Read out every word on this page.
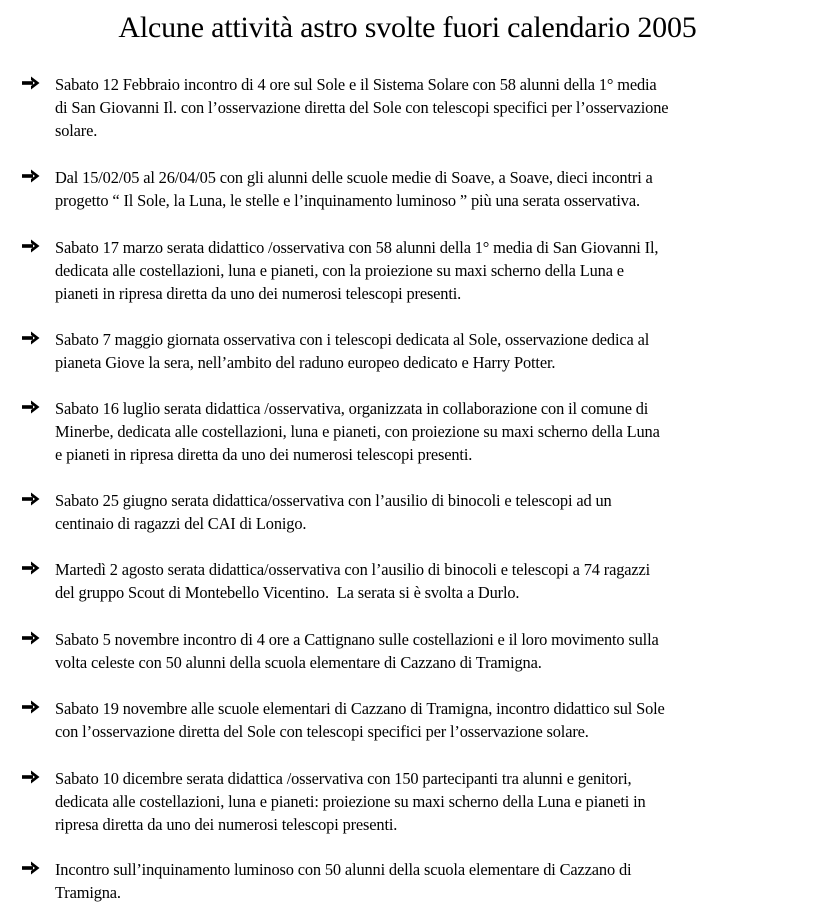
Alcune attività astro svolte fuori calendario 2005
Sabato 12 Febbraio incontro di 4 ore sul Sole e il Sistema Solare con 58 alunni della 1° media
di San Giovanni Il. con l’osservazione diretta del Sole con telescopi specifici per l’osservazione
solare.
Dal 15/02/05 al 26/04/05 con gli alunni delle scuole medie di Soave, a Soave, dieci incontri a
progetto “ Il Sole, la Luna, le stelle e l’inquinamento luminoso ” più una serata osservativa.
Sabato 17 marzo serata didattico /osservativa con 58 alunni della 1° media di San Giovanni Il,
dedicata alle costellazioni, luna e pianeti, con la proiezione su maxi scherno della Luna e
pianeti in ripresa diretta da uno dei numerosi telescopi presenti.
Sabato 7 maggio giornata osservativa con i telescopi dedicata al Sole, osservazione dedica al
pianeta Giove la sera, nell’ambito del raduno europeo dedicato e Harry Potter.
Sabato 16 luglio serata didattica /osservativa, organizzata in collaborazione con il comune di
Minerbe, dedicata alle costellazioni, luna e pianeti, con proiezione su maxi scherno della Luna
e pianeti in ripresa diretta da uno dei numerosi telescopi presenti.
Sabato 25 giugno serata didattica/osservativa con l’ausilio di binocoli e telescopi ad un
centinaio di ragazzi del CAI di Lonigo.
Martedì 2 agosto serata didattica/osservativa con l’ausilio di binocoli e telescopi a 74 ragazzi
del gruppo Scout di Montebello Vicentino.  La serata si è svolta a Durlo.
Sabato 5 novembre incontro di 4 ore a Cattignano sulle costellazioni e il loro movimento sulla
volta celeste con 50 alunni della scuola elementare di Cazzano di Tramigna.
Sabato 19 novembre alle scuole elementari di Cazzano di Tramigna, incontro didattico sul Sole
con l’osservazione diretta del Sole con telescopi specifici per l’osservazione solare.
Sabato 10 dicembre serata didattica /osservativa con 150 partecipanti tra alunni e genitori,
dedicata alle costellazioni, luna e pianeti: proiezione su maxi scherno della Luna e pianeti in
ripresa diretta da uno dei numerosi telescopi presenti.
Incontro sull’inquinamento luminoso con 50 alunni della scuola elementare di Cazzano di
Tramigna.
